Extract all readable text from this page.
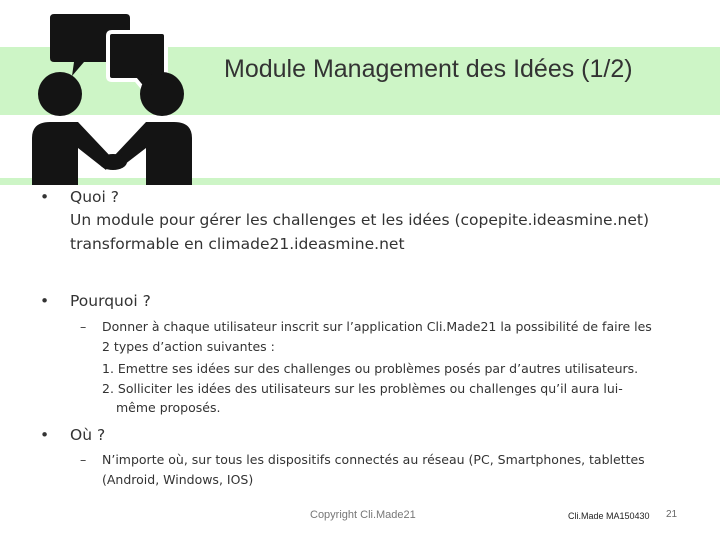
Module Management des Idées (1/2)
• Quoi ?
Un module pour gérer les challenges et les idées (copepite.ideasmine.net)
transformable en climade21.ideasmine.net
• Pourquoi ?
– Donner à chaque utilisateur inscrit sur l’application Cli.Made21 la possibilité de faire les
2 types d’action suivantes :
1. Emettre ses idées sur des challenges ou problèmes posés par d’autres utilisateurs.
2. Solliciter les idées des utilisateurs sur les problèmes ou challenges qu’il aura lui-
même proposés.
• Où ?
– N’importe où, sur tous les dispositifs connectés au réseau (PC, Smartphones, tablettes
(Android, Windows, IOS)
Copyright Cli.Made21	Cli.Made MA150430 21
